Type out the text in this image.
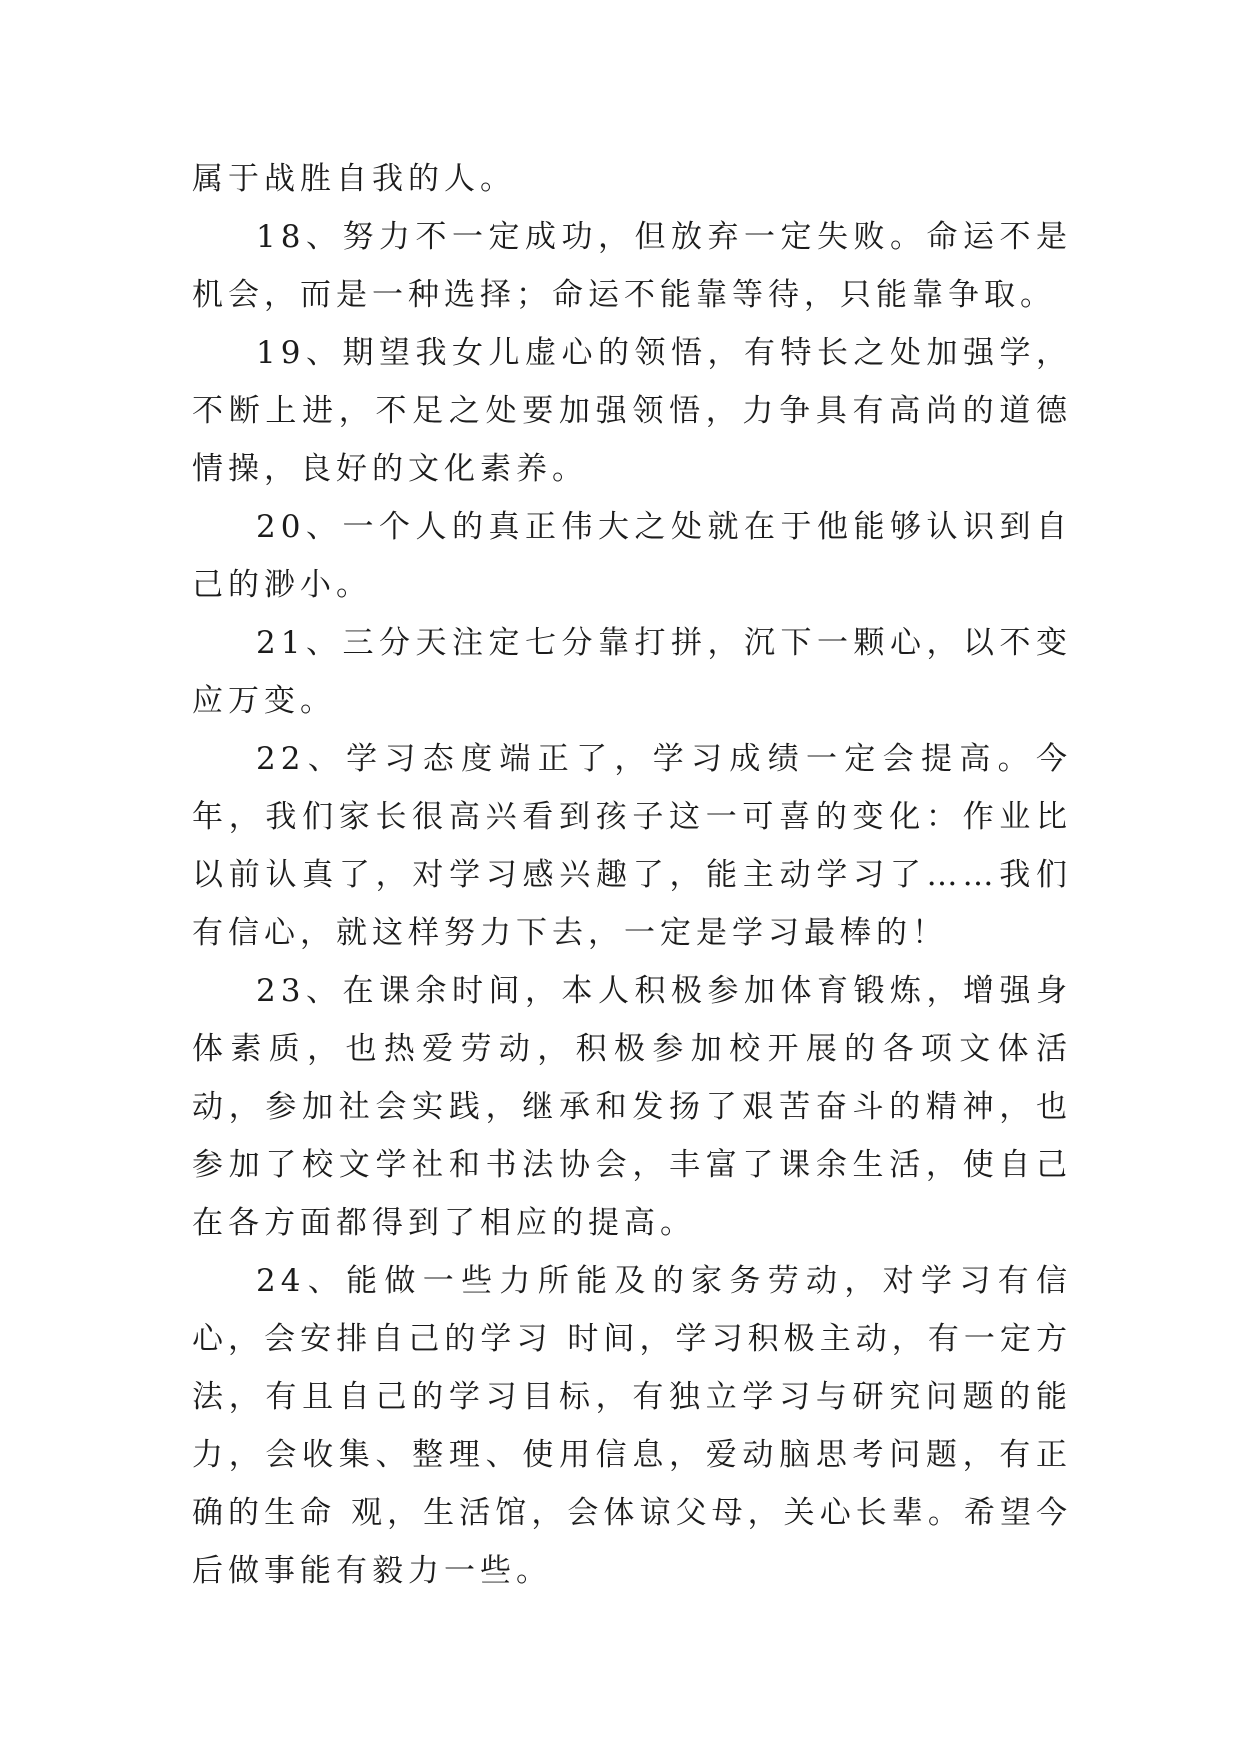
属于战胜自我的人。

18、努力不一定成功，但放弃一定失败。命运不是机会，而是一种选择；命运不能靠等待，只能靠争取。

19、期望我女儿虚心的领悟，有特长之处加强学，不断上进，不足之处要加强领悟，力争具有高尚的道德情操，良好的文化素养。

20、一个人的真正伟大之处就在于他能够认识到自己的渺小。

21、三分天注定七分靠打拼，沉下一颗心，以不变应万变。

22、学习态度端正了，学习成绩一定会提高。今年，我们家长很高兴看到孩子这一可喜的变化：作业比以前认真了，对学习感兴趣了，能主动学习了……我们有信心，就这样努力下去，一定是学习最棒的！

23、在课余时间，本人积极参加体育锻炼，增强身体素质，也热爱劳动，积极参加校开展的各项文体活动，参加社会实践，继承和发扬了艰苦奋斗的精神，也参加了校文学社和书法协会，丰富了课余生活，使自己在各方面都得到了相应的提高。

24、能做一些力所能及的家务劳动，对学习有信心，会安排自己的学习 时间，学习积极主动，有一定方法，有且自己的学习目标，有独立学习与研究问题的能力，会收集、整理、使用信息，爱动脑思考问题，有正确的生命 观，生活馆，会体谅父母，关心长辈。希望今后做事能有毅力一些。
